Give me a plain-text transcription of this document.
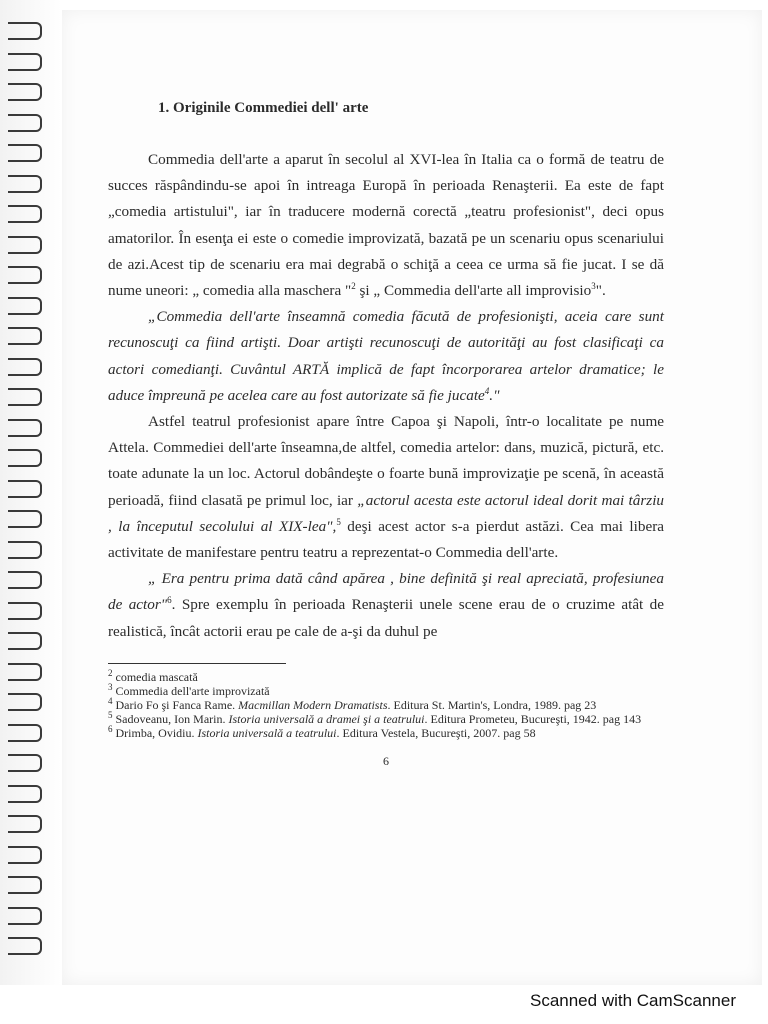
1. Originile Commediei dell' arte

Commedia dell'arte a aparut în secolul al XVI-lea în Italia ca o formă de teatru de succes răspândindu-se apoi în intreaga Europă în perioada Renaşterii. Ea este de fapt „comedia artistului", iar în traducere modernă corectă „teatru profesionist", deci opus amatorilor. În esenţa ei este o comedie improvizată, bazată pe un scenariu opus scenariului de azi.Acest tip de scenariu era mai degrabă o schiţă a ceea ce urma să fie jucat. I se dă nume uneori: „ comedia alla maschera "$^2$ şi „ Commedia dell'arte all improvisio$^3$".

„Commedia dell'arte înseamnă comedia făcută de profesionişti, aceia care sunt recunoscuţi ca fiind artişti. Doar artişti recunoscuţi de autorităţi au fost clasificaţi ca actori comedianţi. Cuvântul ARTĂ implică de fapt încorporarea artelor dramatice; le aduce împreună pe acelea care au fost autorizate să fie jucate$^4$."

Astfel teatrul profesionist apare între Capoa şi Napoli, într-o localitate pe nume Attela. Commediei dell'arte înseamna,de altfel, comedia artelor: dans, muzică, pictură, etc. toate adunate la un loc. Actorul dobândeşte o foarte bună improvizaţie pe scenă, în această perioadă, fiind clasată pe primul loc, iar „actorul acesta este actorul ideal dorit mai târziu , la începutul secolului al XIX-lea",$^5$ deşi acest actor s-a pierdut astăzi. Cea mai libera activitate de manifestare pentru teatru a reprezentat-o Commedia dell'arte.

„ Era pentru prima dată când apărea , bine definită şi real apreciată, profesiunea de actor"$^6$. Spre exemplu în perioada Renaşterii unele scene erau de o cruzime atât de realistică, încât actorii erau pe cale de a-şi da duhul pe

$^2$ comedia mascată

$^3$ Commedia dell'arte improvizată

$^4$ Dario Fo şi Fanca Rame. Macmillan Modern Dramatists. Editura St. Martin's, Londra, 1989. pag 23

$^5$ Sadoveanu, Ion Marin. Istoria universală a dramei şi a teatrului. Editura Prometeu, Bucureşti, 1942. pag 143

$^6$ Drimba, Ovidiu. Istoria universală a teatrului. Editura Vestela, Bucureşti, 2007. pag 58

6
Scanned with CamScanner
